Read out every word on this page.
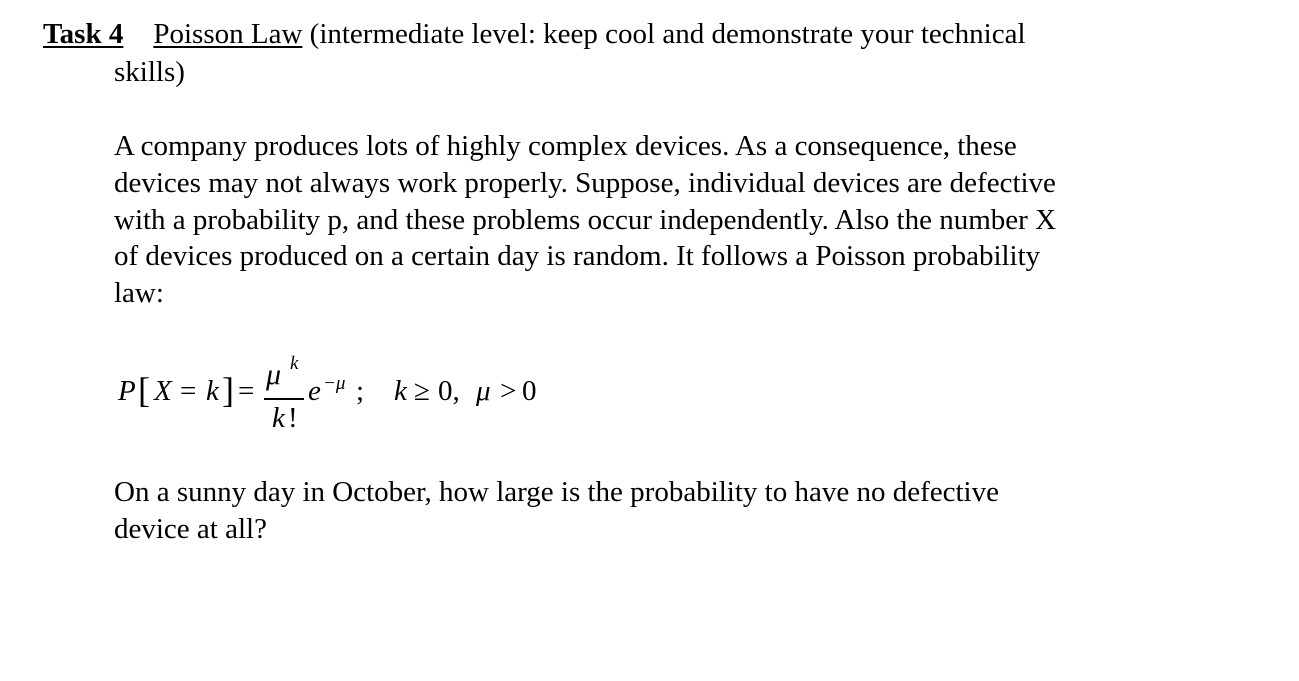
Task 4 Poisson Law (intermediate level: keep cool and demonstrate your technical
skills)
A company produces lots of highly complex devices. As a consequence, these
devices may not always work properly. Suppose, individual devices are defective
with a probability p, and these problems occur independently. Also the number X
of devices produced on a certain day is random. It follows a Poisson probability
law:
P [ X = k ] = μ k
k !
e −μ ; k ≥ 0, μ > 0
On a sunny day in October, how large is the probability to have no defective
device at all?
